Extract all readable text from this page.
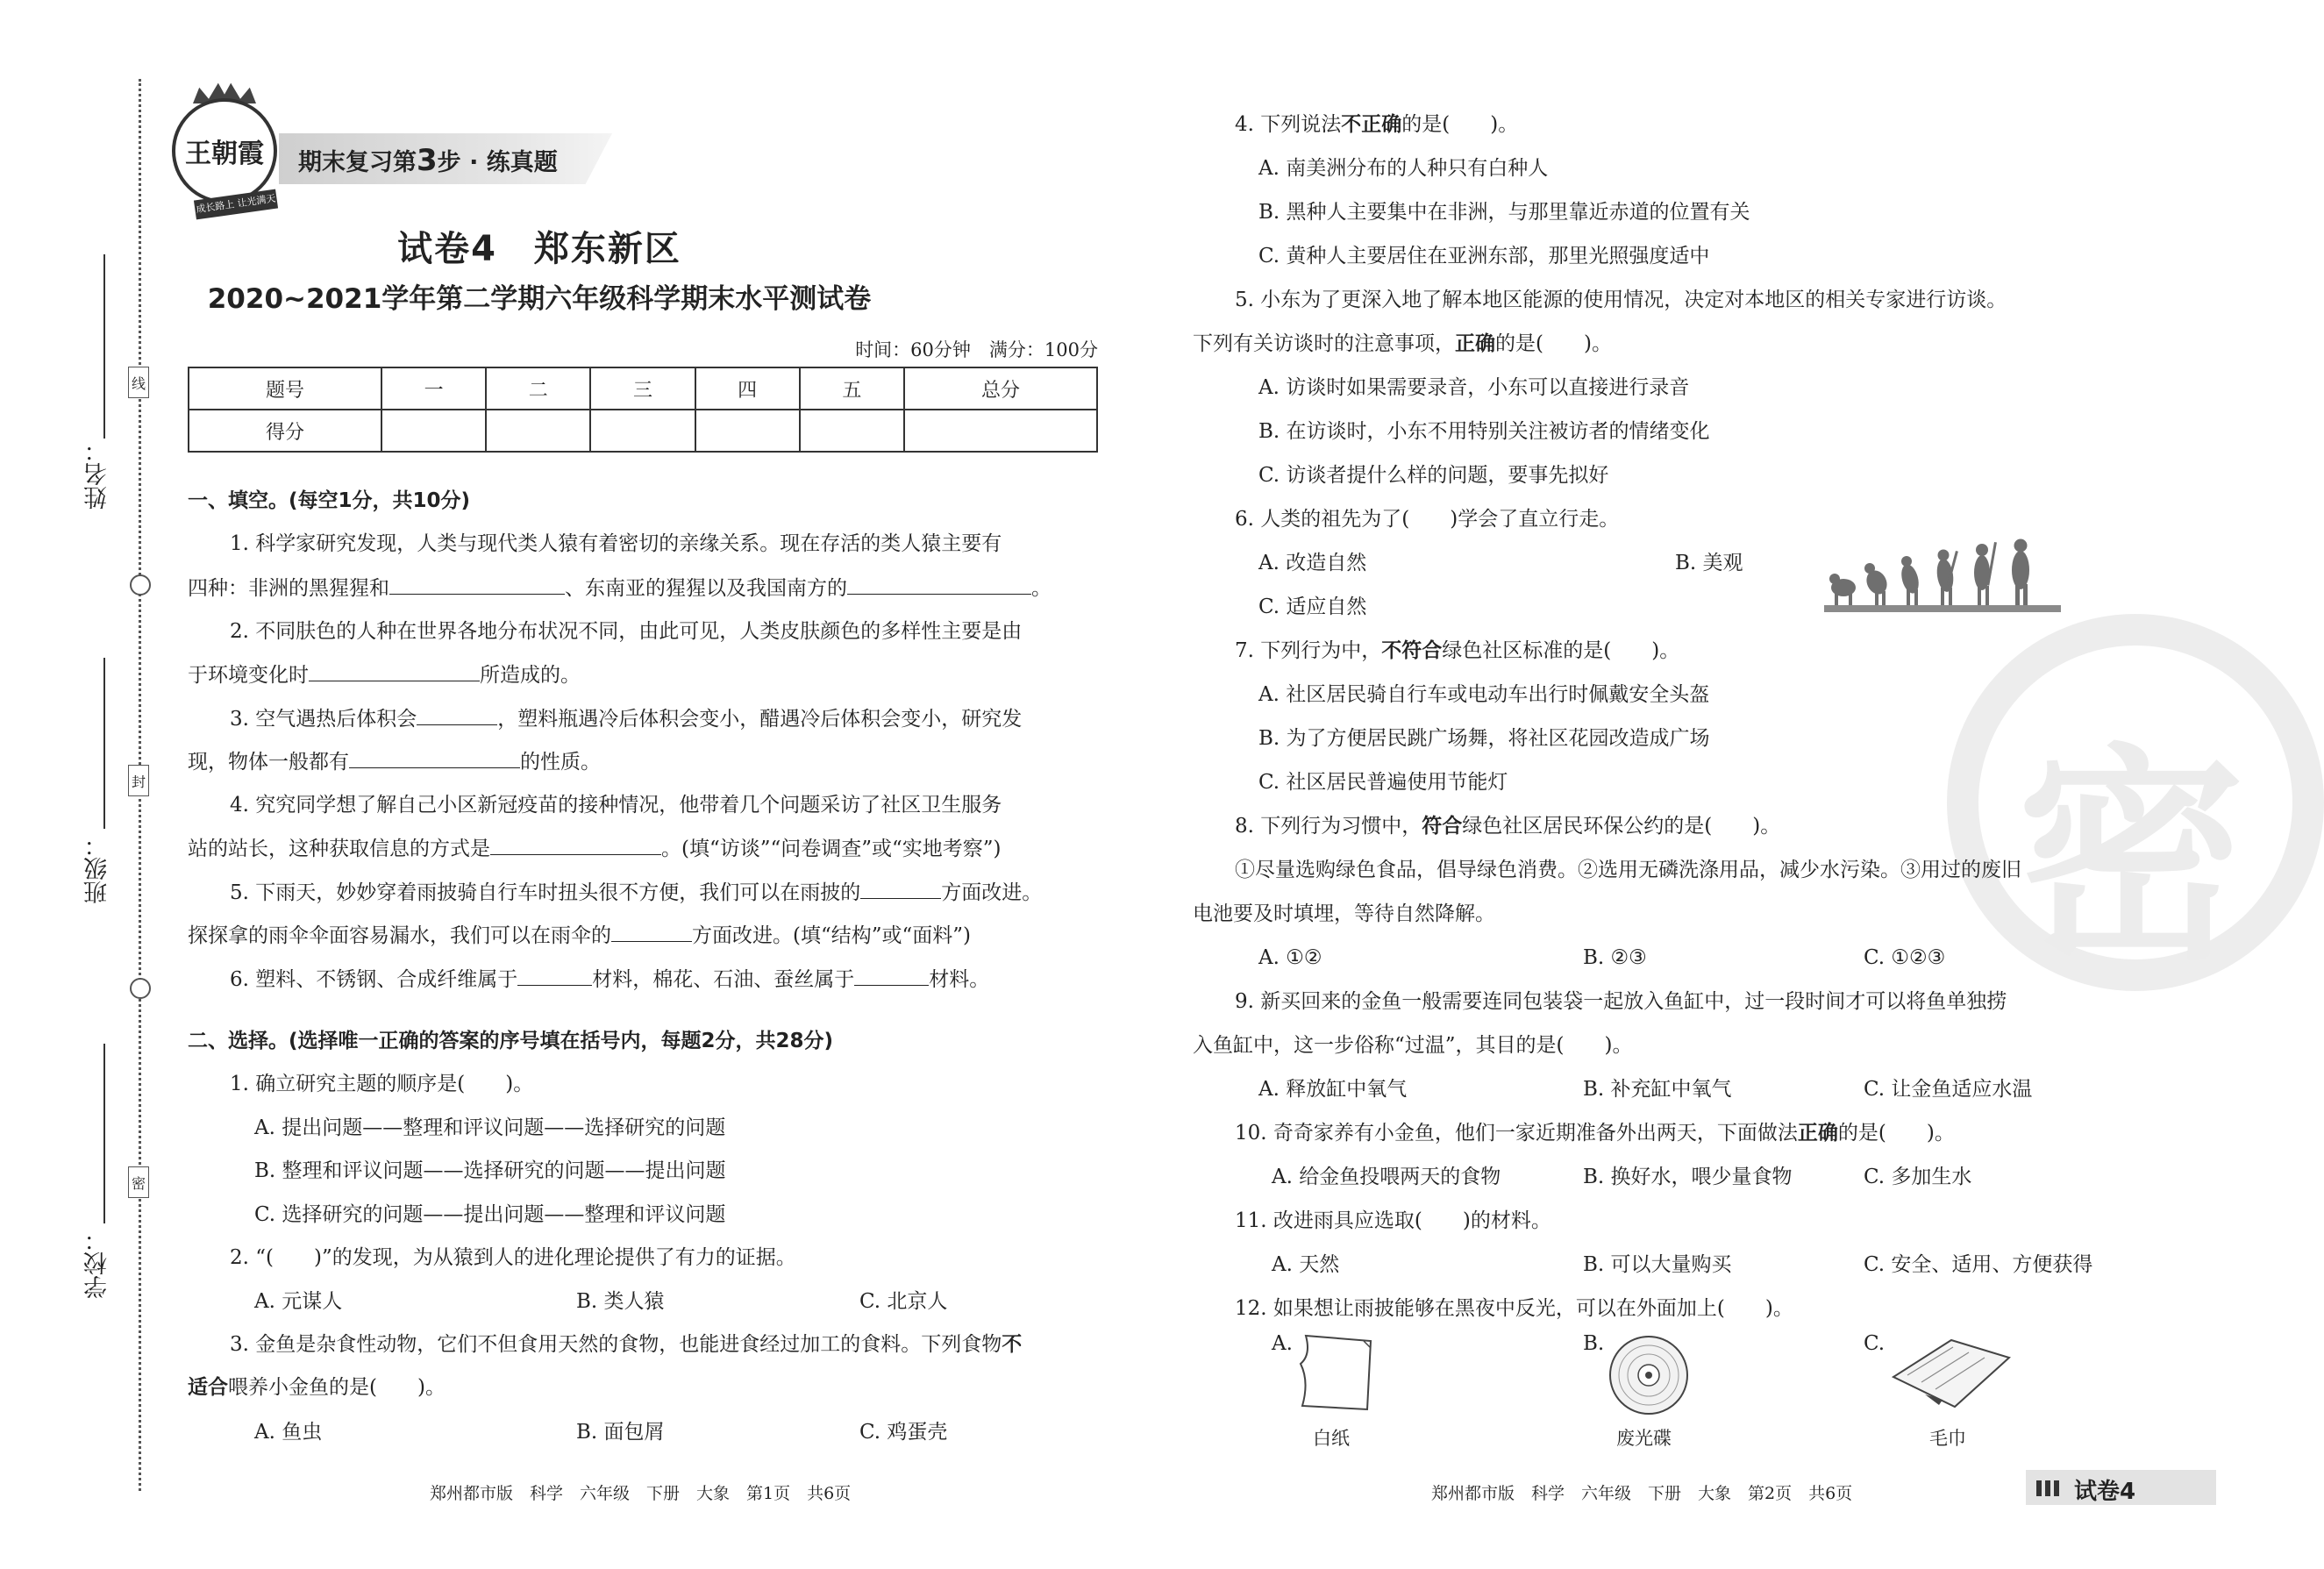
姓名：
班级：
学校：
线
封
密
王朝霞
成长路上 让光满天
期末复习第3步 · 练真题
试卷4　郑东新区
2020~2021学年第二学期六年级科学期末水平测试卷
时间：60分钟　满分：100分
题号	一	二	三	四	五	总分
得分						
一、填空。(每空1分，共10分)
1. 科学家研究发现，人类与现代类人猿有着密切的亲缘关系。现在存活的类人猿主要有
四种：非洲的黑猩猩和	、东南亚的猩猩以及我国南方的	。
2. 不同肤色的人种在世界各地分布状况不同，由此可见，人类皮肤颜色的多样性主要是由
于环境变化时	所造成的。
3. 空气遇热后体积会	，塑料瓶遇冷后体积会变小，醋遇冷后体积会变小，研究发
现，物体一般都有	的性质。
4. 究究同学想了解自己小区新冠疫苗的接种情况，他带着几个问题采访了社区卫生服务
站的站长，这种获取信息的方式是	。(填“访谈”“问卷调查”或“实地考察”)
5. 下雨天，妙妙穿着雨披骑自行车时扭头很不方便，我们可以在雨披的	方面改进。
探探拿的雨伞伞面容易漏水，我们可以在雨伞的	方面改进。(填“结构”或“面料”)
6. 塑料、不锈钢、合成纤维属于	材料，棉花、石油、蚕丝属于	材料。
二、选择。(选择唯一正确的答案的序号填在括号内，每题2分，共28分)
1. 确立研究主题的顺序是(　　)。
A. 提出问题——整理和评议问题——选择研究的问题
B. 整理和评议问题——选择研究的问题——提出问题
C. 选择研究的问题——提出问题——整理和评议问题
2. “(　　)”的发现，为从猿到人的进化理论提供了有力的证据。
A. 元谋人	B. 类人猿	C. 北京人
3. 金鱼是杂食性动物，它们不但食用天然的食物，也能进食经过加工的食料。下列食物不
适合喂养小金鱼的是(　　)。
A. 鱼虫	B. 面包屑	C. 鸡蛋壳
郑州都市版　科学　六年级　下册　大象　第1页　共6页
密
4. 下列说法不正确的是(　　)。
A. 南美洲分布的人种只有白种人
B. 黑种人主要集中在非洲，与那里靠近赤道的位置有关
C. 黄种人主要居住在亚洲东部，那里光照强度适中
5. 小东为了更深入地了解本地区能源的使用情况，决定对本地区的相关专家进行访谈。
下列有关访谈时的注意事项，正确的是(　　)。
A. 访谈时如果需要录音，小东可以直接进行录音
B. 在访谈时，小东不用特别关注被访者的情绪变化
C. 访谈者提什么样的问题，要事先拟好
6. 人类的祖先为了(　　)学会了直立行走。
A. 改造自然	B. 美观
C. 适应自然
7. 下列行为中，不符合绿色社区标准的是(　　)。
A. 社区居民骑自行车或电动车出行时佩戴安全头盔
B. 为了方便居民跳广场舞，将社区花园改造成广场
C. 社区居民普遍使用节能灯
8. 下列行为习惯中，符合绿色社区居民环保公约的是(　　)。
①尽量选购绿色食品，倡导绿色消费。②选用无磷洗涤用品，减少水污染。③用过的废旧
电池要及时填埋，等待自然降解。
A. ①②	B. ②③	C. ①②③
9. 新买回来的金鱼一般需要连同包装袋一起放入鱼缸中，过一段时间才可以将鱼单独捞
入鱼缸中，这一步俗称“过温”，其目的是(　　)。
A. 释放缸中氧气	B. 补充缸中氧气	C. 让金鱼适应水温
10. 奇奇家养有小金鱼，他们一家近期准备外出两天，下面做法正确的是(　　)。
A. 给金鱼投喂两天的食物	B. 换好水，喂少量食物	C. 多加生水
11. 改进雨具应选取(　　)的材料。
A. 天然	B. 可以大量购买	C. 安全、适用、方便获得
12. 如果想让雨披能够在黑夜中反光，可以在外面加上(　　)。
A.	B.	C.
白纸	废光碟	毛巾
郑州都市版　科学　六年级　下册　大象　第2页　共6页	试卷4
